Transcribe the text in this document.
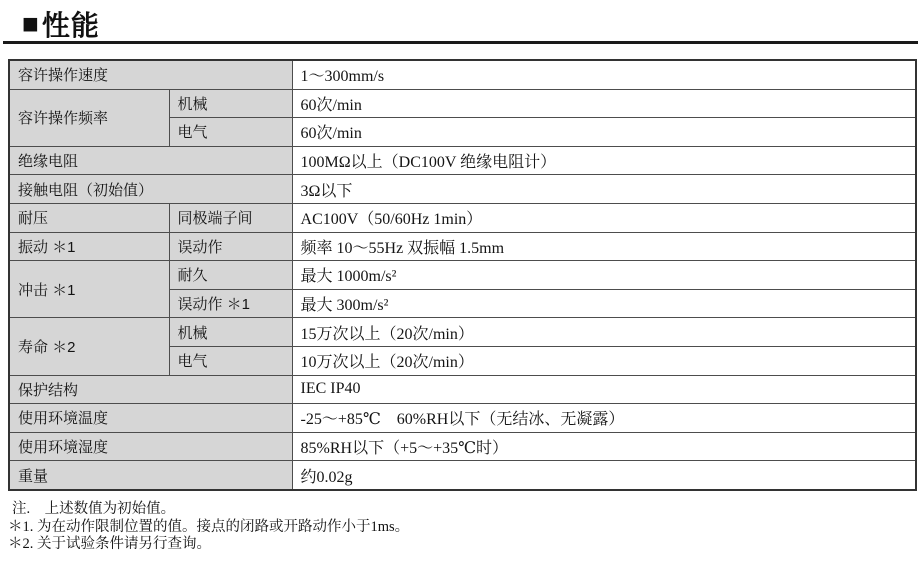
■ 性能
容许操作速度		1～300mm/s
容许操作频率	机械	60次/min
	电气	60次/min
绝缘电阻		100MΩ以上（DC100V 绝缘电阻计）
接触电阻（初始值）		3Ω以下
耐压	同极端子间	AC100V（50/60Hz 1min）
振动 ＊1	误动作	频率 10～55Hz 双振幅 1.5mm
冲击 ＊1	耐久	最大 1000m/s²
	误动作 ＊1	最大 300m/s²
寿命 ＊2	机械	15万次以上（20次/min）
	电气	10万次以上（20次/min）
保护结构		IEC IP40
使用环境温度		-25～+85℃　60%RH以下（无结冰、无凝露）
使用环境湿度		85%RH以下（+5～+35℃时）
重量		约0.02g
注.　上述数值为初始值。
＊1. 为在动作限制位置的值。接点的闭路或开路动作小于1ms。
＊2. 关于试验条件请另行查询。
